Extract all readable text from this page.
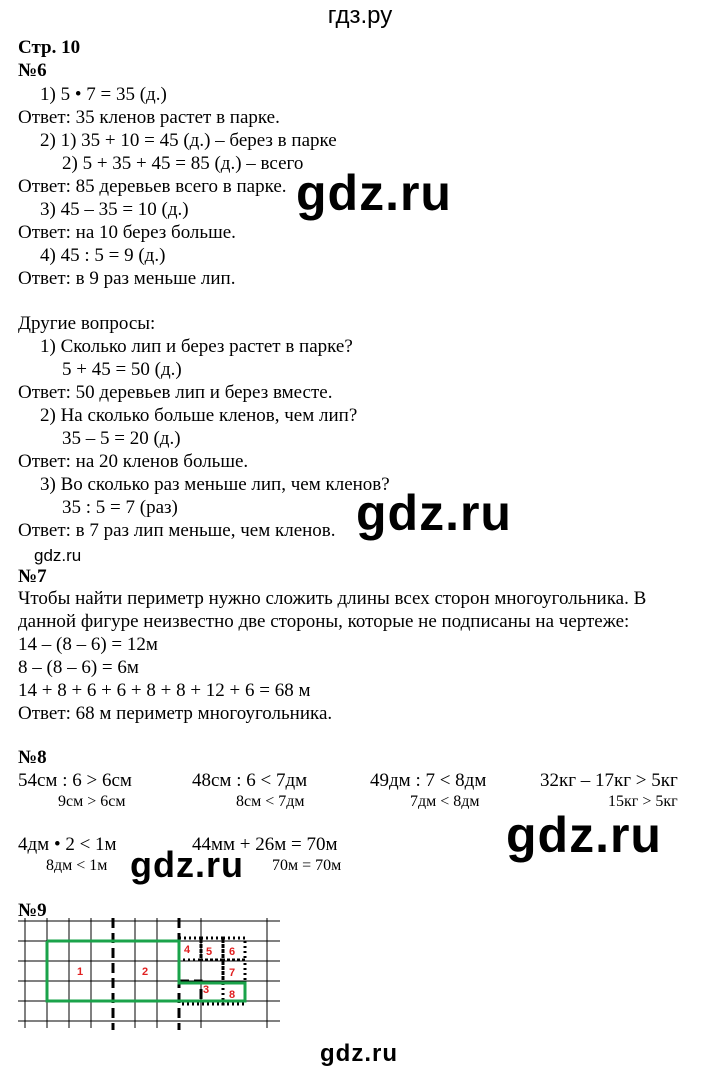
гдз.ру
Стр. 10
№6
1) 5 • 7 = 35 (д.)
Ответ: 35 кленов растет в парке.
2) 1) 35 + 10 = 45 (д.) – берез в парке
2) 5 + 35 + 45 = 85 (д.) – всего
Ответ: 85 деревьев всего в парке.
3) 45 – 35 = 10 (д.)
Ответ: на 10 берез больше.
4) 45 : 5 = 9 (д.)
Ответ: в 9 раз меньше лип.
Другие вопросы:
1) Сколько лип и берез растет в парке?
5 + 45 = 50 (д.)
Ответ: 50 деревьев лип и берез вместе.
2) На сколько больше кленов, чем лип?
35 – 5 = 20 (д.)
Ответ: на 20 кленов больше.
3) Во сколько раз меньше лип, чем кленов?
35 : 5 = 7 (раз)
Ответ: в 7 раз лип меньше, чем кленов.
№7
Чтобы найти периметр нужно сложить длины всех сторон многоугольника. В
данной фигуре неизвестно две стороны, которые не подписаны на чертеже:
14 – (8 – 6) = 12м
8 – (8 – 6) = 6м
14 + 8 + 6 + 6 + 8 + 8 + 12 + 6 = 68 м
Ответ: 68 м периметр многоугольника.
№8
54см : 6 > 6см	48см : 6 < 7дм	49дм : 7 < 8дм	32кг – 17кг > 5кг
9см > 6см	8см < 7дм	7дм < 8дм	15кг > 5кг
4дм • 2 < 1м	44мм + 26м = 70м
8дм < 1м	70м = 70м
№9
1	2
3
4 5 6
7
8
gdz.ru
gdz.ru
gdz.ru
gdz.ru
gdz.ru
gdz.ru
